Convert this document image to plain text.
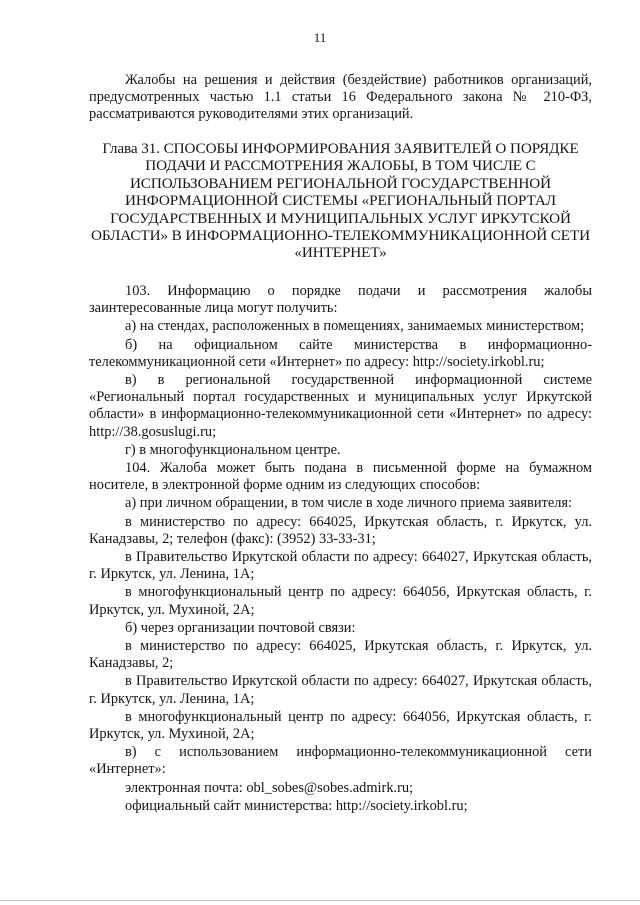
11

Жалобы на решения и действия (бездействие) работников организаций, предусмотренных частью 1.1 статьи 16 Федерального закона № 210-ФЗ, рассматриваются руководителями этих организаций.

Глава 31. СПОСОБЫ ИНФОРМИРОВАНИЯ ЗАЯВИТЕЛЕЙ О ПОРЯДКЕ ПОДАЧИ И РАССМОТРЕНИЯ ЖАЛОБЫ, В ТОМ ЧИСЛЕ С ИСПОЛЬЗОВАНИЕМ РЕГИОНАЛЬНОЙ ГОСУДАРСТВЕННОЙ ИНФОРМАЦИОННОЙ СИСТЕМЫ «РЕГИОНАЛЬНЫЙ ПОРТАЛ ГОСУДАРСТВЕННЫХ И МУНИЦИПАЛЬНЫХ УСЛУГ ИРКУТСКОЙ ОБЛАСТИ» В ИНФОРМАЦИОННО-ТЕЛЕКОММУНИКАЦИОННОЙ СЕТИ «ИНТЕРНЕТ»

103. Информацию о порядке подачи и рассмотрения жалобы заинтересованные лица могут получить:

а) на стендах, расположенных в помещениях, занимаемых министерством;

б) на официальном сайте министерства в информационно-телекоммуникационной сети «Интернет» по адресу: http://society.irkobl.ru;

в) в региональной государственной информационной системе «Региональный портал государственных и муниципальных услуг Иркутской области» в информационно-телекоммуникационной сети «Интернет» по адресу: http://38.gosuslugi.ru;

г) в многофункциональном центре.

104. Жалоба может быть подана в письменной форме на бумажном носителе, в электронной форме одним из следующих способов:

а) при личном обращении, в том числе в ходе личного приема заявителя:

в министерство по адресу: 664025, Иркутская область, г. Иркутск, ул. Канадзавы, 2; телефон (факс): (3952) 33-33-31;

в Правительство Иркутской области по адресу: 664027, Иркутская область, г. Иркутск, ул. Ленина, 1А;

в многофункциональный центр по адресу: 664056, Иркутская область, г. Иркутск, ул. Мухиной, 2А;

б) через организации почтовой связи:

в министерство по адресу: 664025, Иркутская область, г. Иркутск, ул. Канадзавы, 2;

в Правительство Иркутской области по адресу: 664027, Иркутская область, г. Иркутск, ул. Ленина, 1А;

в многофункциональный центр по адресу: 664056, Иркутская область, г. Иркутск, ул. Мухиной, 2А;

в) с использованием информационно-телекоммуникационной сети «Интернет»:

электронная почта: obl_sobes@sobes.admirk.ru;

официальный сайт министерства: http://society.irkobl.ru;
